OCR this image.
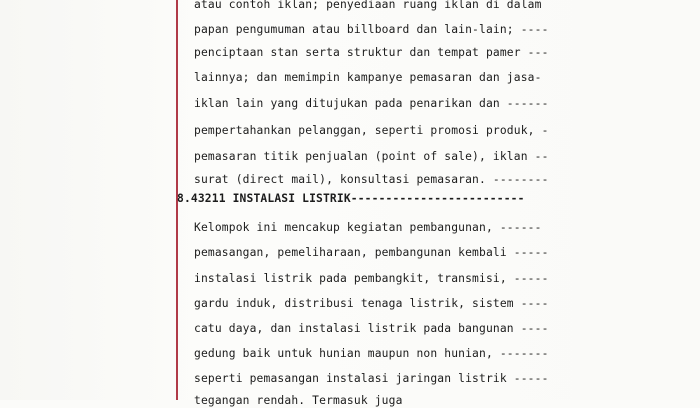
atau contoh iklan; penyediaan ruang iklan di dalam
papan pengumuman atau billboard dan lain-lain; ----
penciptaan stan serta struktur dan tempat pamer ---
lainnya; dan memimpin kampanye pemasaran dan jasa-
iklan lain yang ditujukan pada penarikan dan ------
pempertahankan pelanggan, seperti promosi produk, -
pemasaran titik penjualan (point of sale), iklan --
surat (direct mail), konsultasi pemasaran. --------
8.43211 INSTALASI LISTRIK-------------------------
Kelompok ini mencakup kegiatan pembangunan, ------
pemasangan, pemeliharaan, pembangunan kembali -----
instalasi listrik pada pembangkit, transmisi, -----
gardu induk, distribusi tenaga listrik, sistem ----
catu daya, dan instalasi listrik pada bangunan ----
gedung baik untuk hunian maupun non hunian, -------
seperti pemasangan instalasi jaringan listrik -----
tegangan rendah. Termasuk juga
